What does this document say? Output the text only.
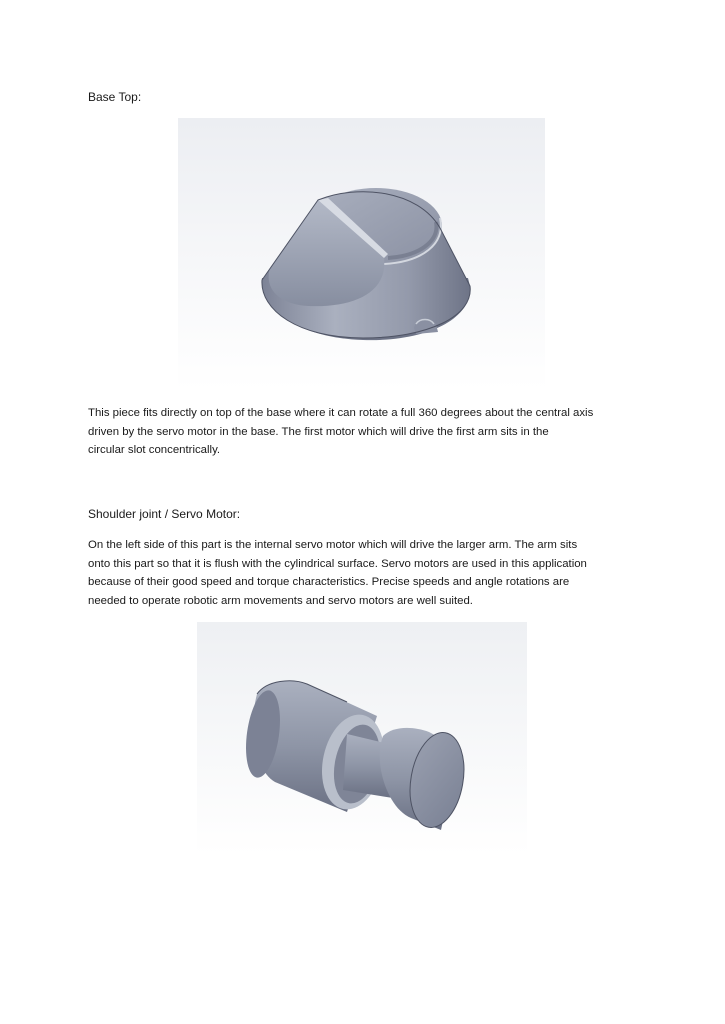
Base Top:

This piece fits directly on top of the base where it can rotate a full 360 degrees about the central axis
driven by the servo motor in the base. The first motor which will drive the first arm sits in the
circular slot concentrically.

Shoulder joint / Servo Motor:

On the left side of this part is the internal servo motor which will drive the larger arm. The arm sits
onto this part so that it is flush with the cylindrical surface. Servo motors are used in this application
because of their good speed and torque characteristics. Precise speeds and angle rotations are
needed to operate robotic arm movements and servo motors are well suited.
